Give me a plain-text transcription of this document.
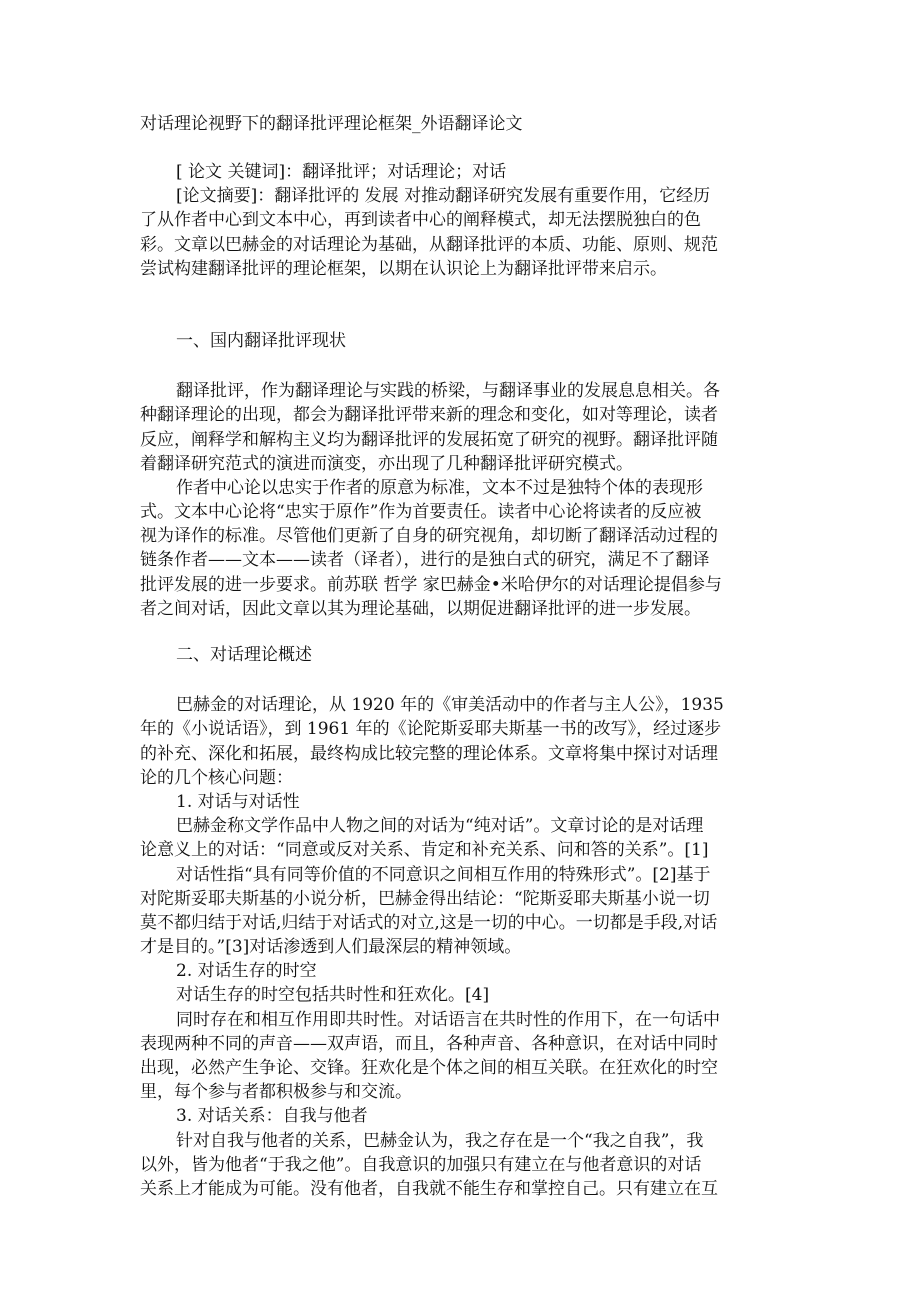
对话理论视野下的翻译批评理论框架_外语翻译论文
[ 论文 关键词]：翻译批评；对话理论；对话
[论文摘要]：翻译批评的 发展 对推动翻译研究发展有重要作用，它经历
了从作者中心到文本中心，再到读者中心的阐释模式，却无法摆脱独白的色
彩。文章以巴赫金的对话理论为基础，从翻译批评的本质、功能、原则、规范
尝试构建翻译批评的理论框架，以期在认识论上为翻译批评带来启示。
一、国内翻译批评现状
翻译批评，作为翻译理论与实践的桥梁，与翻译事业的发展息息相关。各
种翻译理论的出现，都会为翻译批评带来新的理念和变化，如对等理论，读者
反应，阐释学和解构主义均为翻译批评的发展拓宽了研究的视野。翻译批评随
着翻译研究范式的演进而演变，亦出现了几种翻译批评研究模式。
作者中心论以忠实于作者的原意为标准，文本不过是独特个体的表现形
式。文本中心论将“忠实于原作”作为首要责任。读者中心论将读者的反应被
视为译作的标准。尽管他们更新了自身的研究视角，却切断了翻译活动过程的
链条作者——文本——读者（译者），进行的是独白式的研究，满足不了翻译
批评发展的进一步要求。前苏联 哲学 家巴赫金•米哈伊尔的对话理论提倡参与
者之间对话，因此文章以其为理论基础，以期促进翻译批评的进一步发展。
二、对话理论概述
巴赫金的对话理论，从 1920 年的《审美活动中的作者与主人公》，1935
年的《小说话语》，到 1961 年的《论陀斯妥耶夫斯基一书的改写》，经过逐步
的补充、深化和拓展，最终构成比较完整的理论体系。文章将集中探讨对话理
论的几个核心问题：
1. 对话与对话性
巴赫金称文学作品中人物之间的对话为“纯对话”。文章讨论的是对话理
论意义上的对话：“同意或反对关系、肯定和补充关系、问和答的关系”。[1]
对话性指“具有同等价值的不同意识之间相互作用的特殊形式”。[2]基于
对陀斯妥耶夫斯基的小说分析，巴赫金得出结论：“陀斯妥耶夫斯基小说一切
莫不都归结于对话,归结于对话式的对立,这是一切的中心。一切都是手段,对话
才是目的。”[3]对话渗透到人们最深层的精神领域。
2. 对话生存的时空
对话生存的时空包括共时性和狂欢化。[4]
同时存在和相互作用即共时性。对话语言在共时性的作用下，在一句话中
表现两种不同的声音——双声语，而且，各种声音、各种意识，在对话中同时
出现，必然产生争论、交锋。狂欢化是个体之间的相互关联。在狂欢化的时空
里，每个参与者都积极参与和交流。
3. 对话关系：自我与他者
针对自我与他者的关系，巴赫金认为，我之存在是一个“我之自我”，我
以外，皆为他者“于我之他”。自我意识的加强只有建立在与他者意识的对话
关系上才能成为可能。没有他者，自我就不能生存和掌控自己。只有建立在互
